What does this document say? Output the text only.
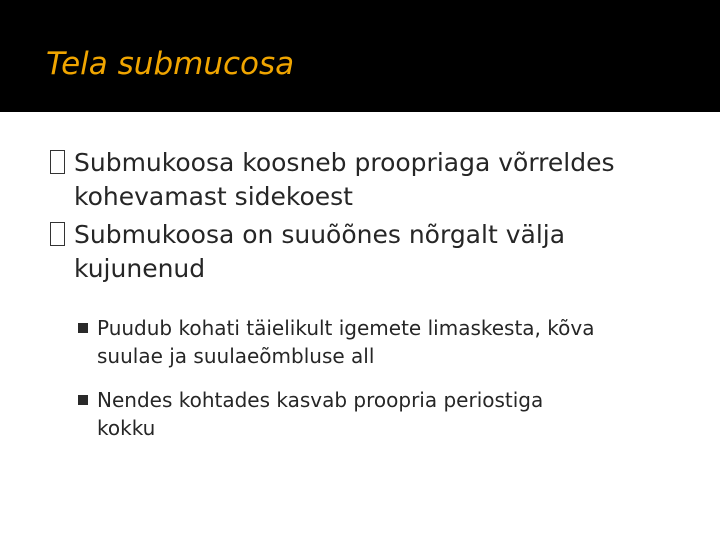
Tela submucosa
Submukoosa koosneb proopriaga võrreldes
kohevamast sidekoest
Submukoosa on suuõõnes nõrgalt välja
kujunenud
Puudub kohati täielikult igemete limaskesta, kõva
suulae ja suulaeõmbluse all
Nendes kohtades kasvab proopria periostiga
kokku
